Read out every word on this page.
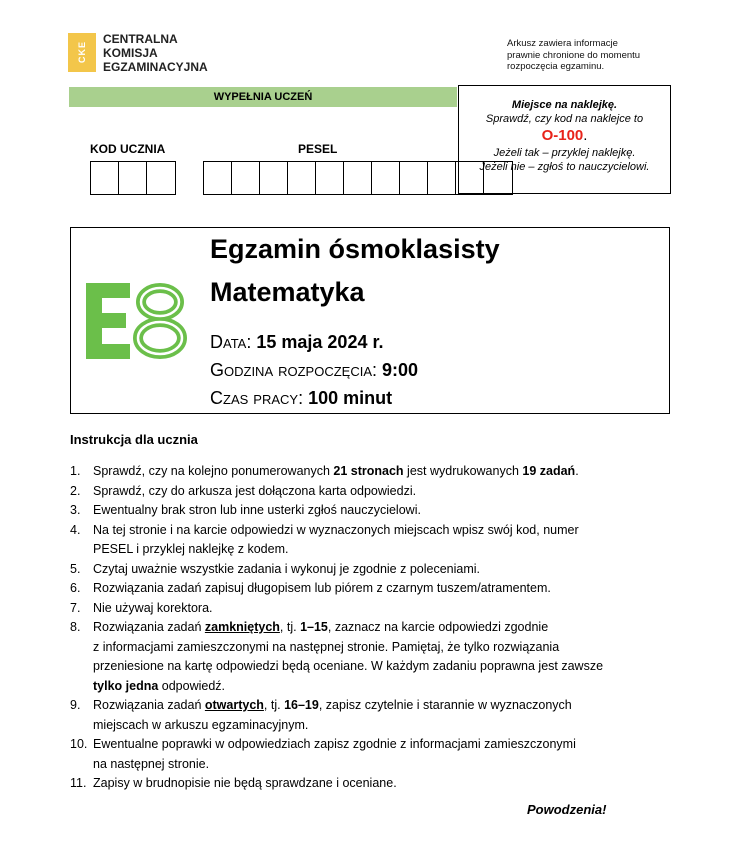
CKE
CENTRALNA
KOMISJA
EGZAMINACYJNA
Arkusz zawiera informacje
prawnie chronione do momentu
rozpoczęcia egzaminu.
WYPEŁNIA UCZEŃ
KOD UCZNIA	PESEL
Miejsce na naklejkę.
Sprawdź, czy kod na naklejce to
O-100.
Jeżeli tak – przyklej naklejkę.
Jeżeli nie – zgłoś to nauczycielowi.
Egzamin ósmoklasisty
Matematyka
Data: 15 maja 2024 r.
Godzina rozpoczęcia: 9:00
Czas pracy: 100 minut
Instrukcja dla ucznia
1.	Sprawdź, czy na kolejno ponumerowanych 21 stronach jest wydrukowanych 19 zadań.
2.	Sprawdź, czy do arkusza jest dołączona karta odpowiedzi.
3.	Ewentualny brak stron lub inne usterki zgłoś nauczycielowi.
4.	Na tej stronie i na karcie odpowiedzi w wyznaczonych miejscach wpisz swój kod, numer
PESEL i przyklej naklejkę z kodem.
5.	Czytaj uważnie wszystkie zadania i wykonuj je zgodnie z poleceniami.
6.	Rozwiązania zadań zapisuj długopisem lub piórem z czarnym tuszem/atramentem.
7.	Nie używaj korektora.
8.	Rozwiązania zadań zamkniętych, tj. 1–15, zaznacz na karcie odpowiedzi zgodnie
z informacjami zamieszczonymi na następnej stronie. Pamiętaj, że tylko rozwiązania
przeniesione na kartę odpowiedzi będą oceniane. W każdym zadaniu poprawna jest zawsze
tylko jedna odpowiedź.
9.	Rozwiązania zadań otwartych, tj. 16–19, zapisz czytelnie i starannie w wyznaczonych
miejscach w arkuszu egzaminacyjnym.
10. Ewentualne poprawki w odpowiedziach zapisz zgodnie z informacjami zamieszczonymi
na następnej stronie.
11. Zapisy w brudnopisie nie będą sprawdzane i oceniane.
Powodzenia!
